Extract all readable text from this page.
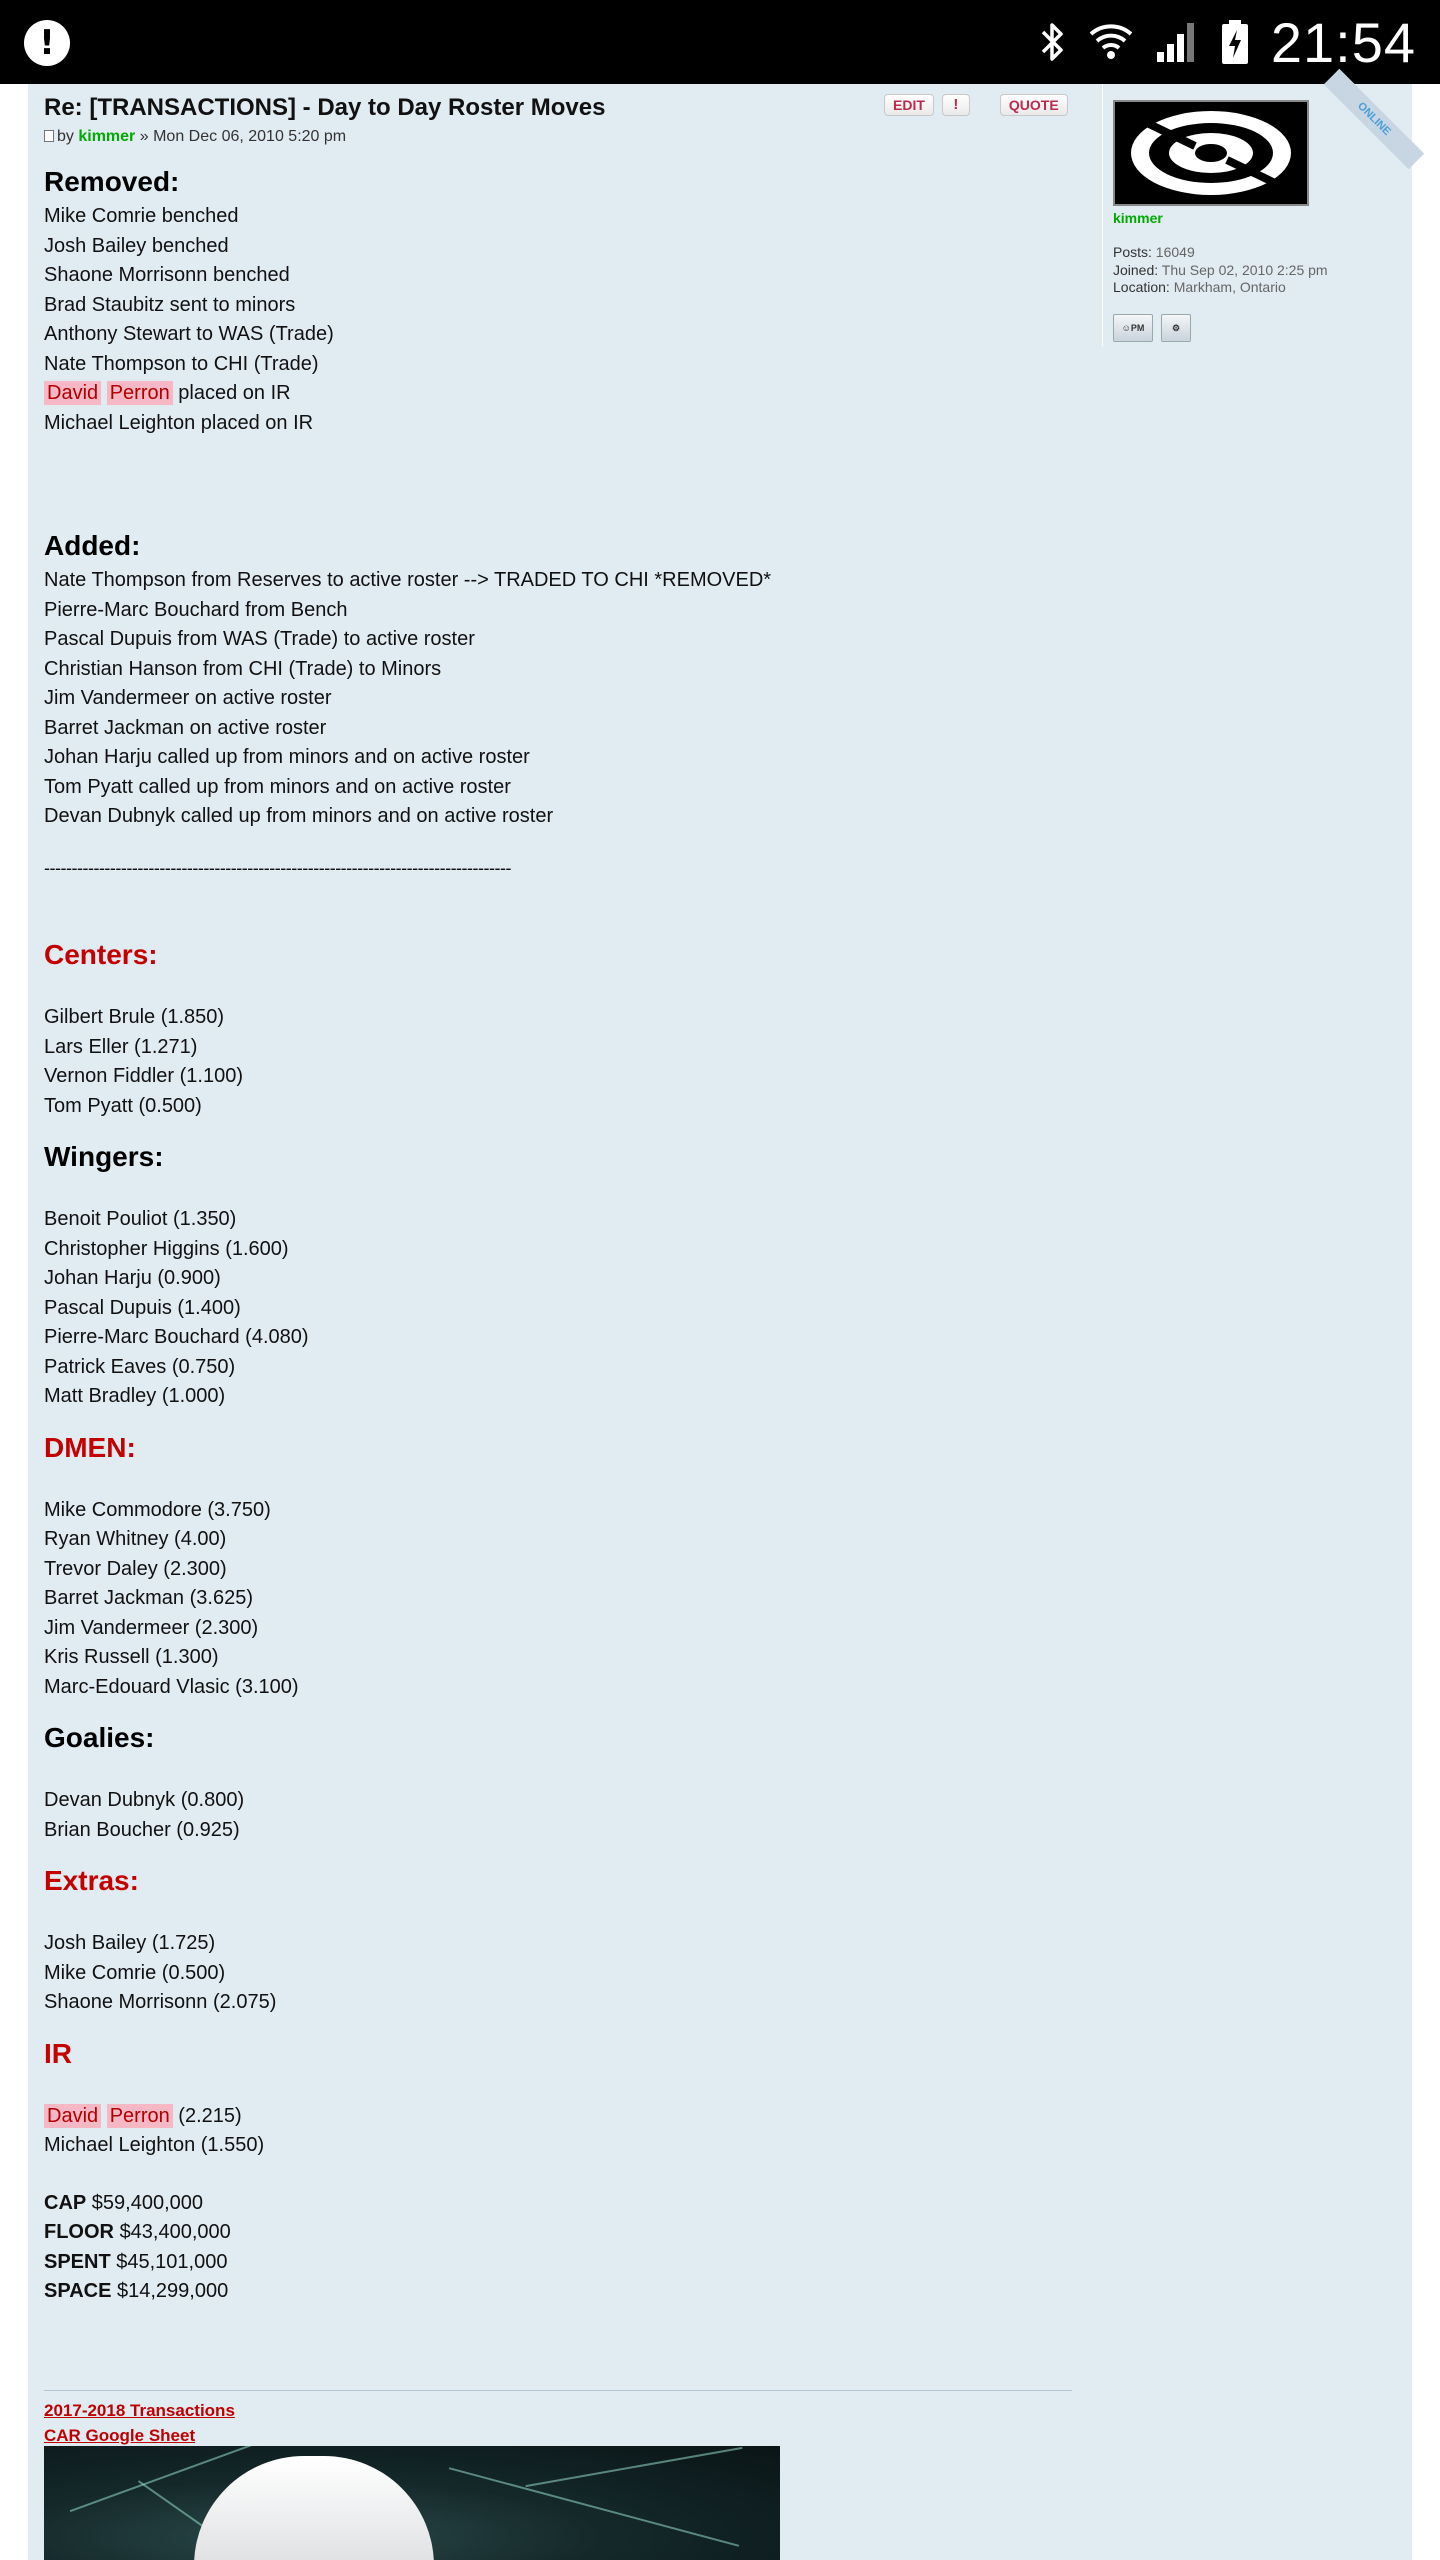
!	21:54
Re: [TRANSACTIONS] - Day to Day Roster Moves	EDIT	!	QUOTE
by kimmer » Mon Dec 06, 2010 5:20 pm
Removed:
Mike Comrie benched
Josh Bailey benched
Shaone Morrisonn benched
Brad Staubitz sent to minors
Anthony Stewart to WAS (Trade)
Nate Thompson to CHI (Trade)
David Perron placed on IR
Michael Leighton placed on IR
Added:
Nate Thompson from Reserves to active roster --> TRADED TO CHI *REMOVED*
Pierre-Marc Bouchard from Bench
Pascal Dupuis from WAS (Trade) to active roster
Christian Hanson from CHI (Trade) to Minors
Jim Vandermeer on active roster
Barret Jackman on active roster
Johan Harju called up from minors and on active roster
Tom Pyatt called up from minors and on active roster
Devan Dubnyk called up from minors and on active roster
-------------------------------------------------------------------------------------
Centers:
Gilbert Brule (1.850)
Lars Eller (1.271)
Vernon Fiddler (1.100)
Tom Pyatt (0.500)
Wingers:
Benoit Pouliot (1.350)
Christopher Higgins (1.600)
Johan Harju (0.900)
Pascal Dupuis (1.400)
Pierre-Marc Bouchard (4.080)
Patrick Eaves (0.750)
Matt Bradley (1.000)
DMEN:
Mike Commodore (3.750)
Ryan Whitney (4.00)
Trevor Daley (2.300)
Barret Jackman (3.625)
Jim Vandermeer (2.300)
Kris Russell (1.300)
Marc-Edouard Vlasic (3.100)
Goalies:
Devan Dubnyk (0.800)
Brian Boucher (0.925)
Extras:
Josh Bailey (1.725)
Mike Comrie (0.500)
Shaone Morrisonn (2.075)
IR
David Perron (2.215)
Michael Leighton (1.550)
CAP $59,400,000
FLOOR $43,400,000
SPENT $45,101,000
SPACE $14,299,000
2017-2018 Transactions
CAR Google Sheet
ONLINE
kimmer
Posts: 16049
Joined: Thu Sep 02, 2010 2:25 pm
Location: Markham, Ontario
☺PM	⚙
